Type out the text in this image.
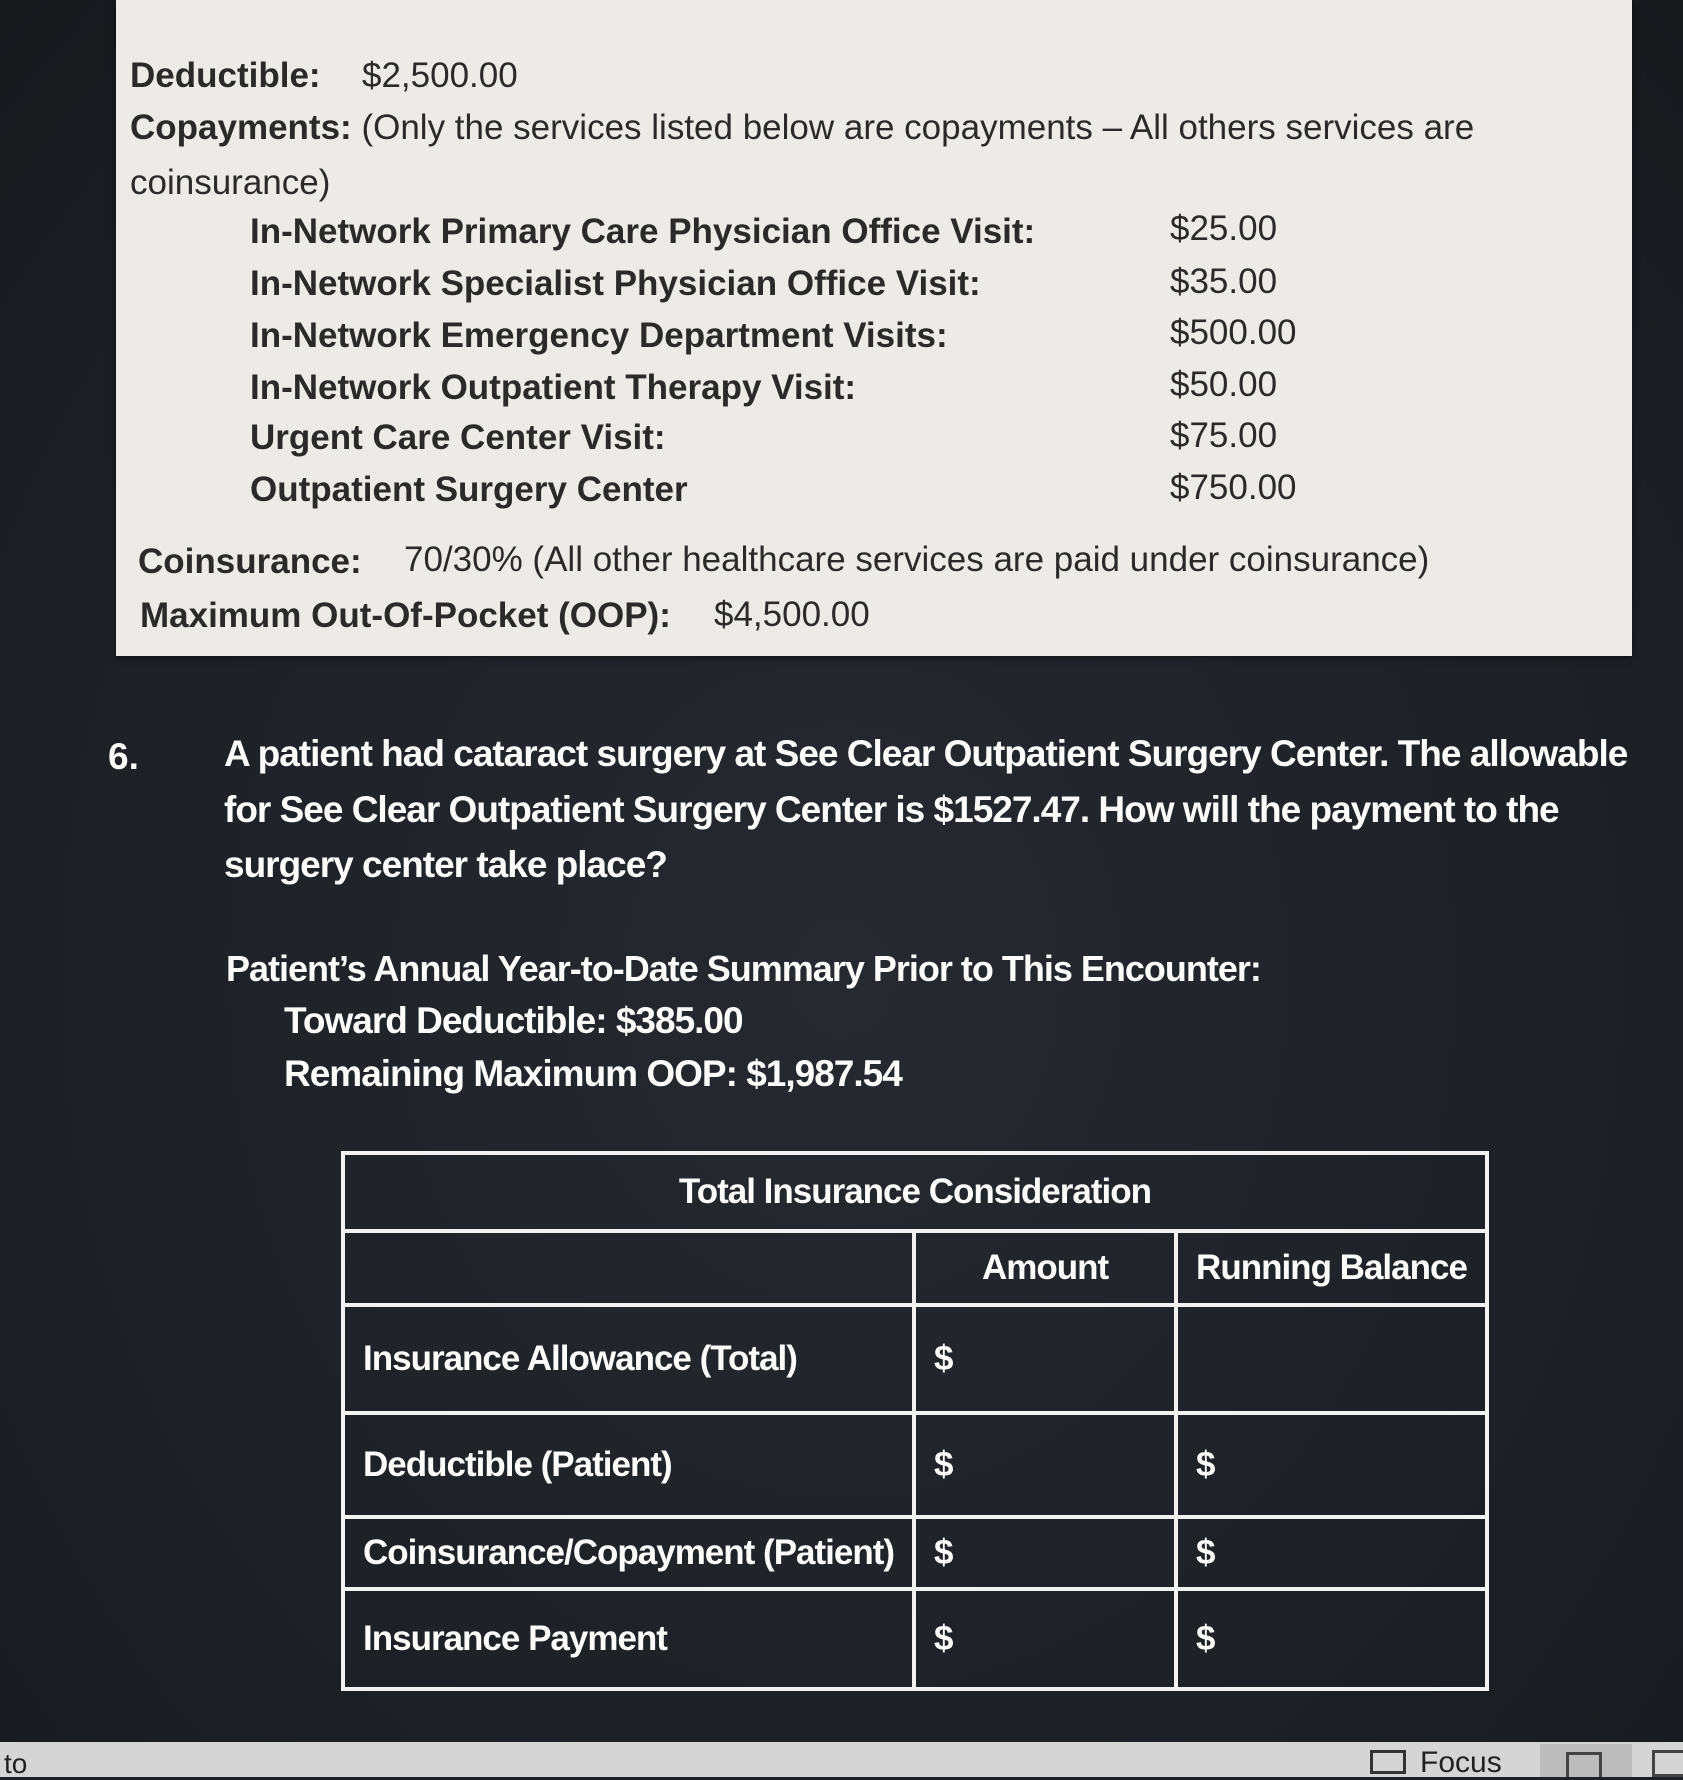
Deductible: $2,500.00
Copayments: (Only the services listed below are copayments – All others services are
coinsurance)
In-Network Primary Care Physician Office Visit:	$25.00
In-Network Specialist Physician Office Visit:	$35.00
In-Network Emergency Department Visits:	$500.00
In-Network Outpatient Therapy Visit:	$50.00
Urgent Care Center Visit:	$75.00
Outpatient Surgery Center	$750.00
Coinsurance: 70/30% (All other healthcare services are paid under coinsurance)
Maximum Out-Of-Pocket (OOP): $4,500.00
6. A patient had cataract surgery at See Clear Outpatient Surgery Center. The allowable
for See Clear Outpatient Surgery Center is $1527.47. How will the payment to the
surgery center take place?
Patient’s Annual Year-to-Date Summary Prior to This Encounter:
Toward Deductible: $385.00
Remaining Maximum OOP: $1,987.54
Total Insurance Consideration		
	Amount	Running Balance
Insurance Allowance (Total)	$	
Deductible (Patient)	$	$
Coinsurance/Copayment (Patient)	$	$
Insurance Payment	$	$
to	Focus
